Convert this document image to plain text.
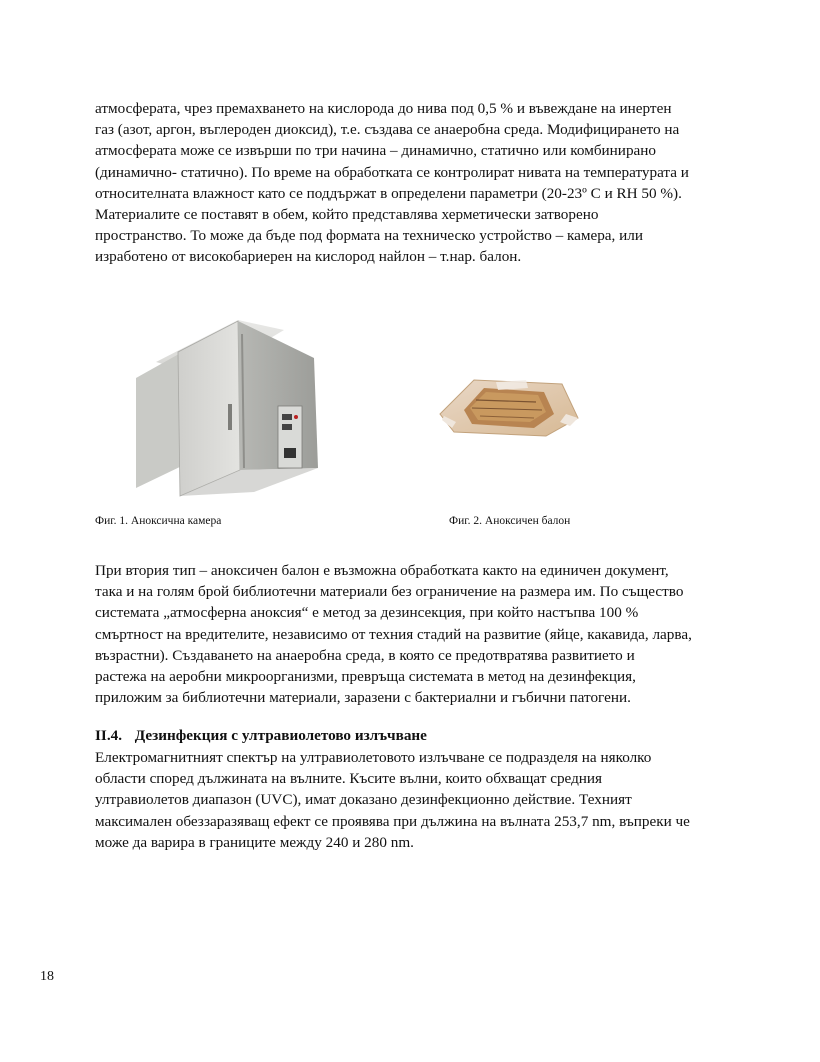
атмосферата, чрез премахването на кислорода до нива под 0,5 % и въвеждане на инертен
газ (азот, аргон, въглероден диоксид), т.е. създава се анаеробна среда. Модифицирането на
атмосферата може се извърши по три начина – динамично, статично или комбинирано
(динамично- статично). По време на обработката се контролират нивата на температурата и
относителната влажност като се поддържат в определени параметри (20-23º C и RH 50 %).
Материалите се поставят в обем, който представлява херметически затворено
пространство. То може да бъде под формата на техническо устройство – камера, или
изработено от високобариерен на кислород найлон – т.нар. балон.
Фиг. 1. Аноксична камера	Фиг. 2. Аноксичен балон
При втория тип – аноксичен балон е възможна обработката както на единичен документ,
така и на голям брой библиотечни материали без ограничение на размера им. По същество
системата „атмосферна аноксия“ е метод за дезинсекция, при който настъпва 100 %
смъртност на вредителите, независимо от техния стадий на развитие (яйце, какавида, ларва,
възрастни). Създаването на анаеробна среда, в която се предотвратява развитието и
растежа на аеробни микроорганизми, превръща системата в метод на дезинфекция,
приложим за библиотечни материали, заразени с бактериални и гъбични патогени.
II.4. Дезинфекция с ултравиолетово излъчване
Електромагнитният спектър на ултравиолетовото излъчване се подразделя на няколко
области според дължината на вълните. Късите вълни, които обхващат средния
ултравиолетов диапазон (UVC), имат доказано дезинфекционно действие. Техният
максимален обеззаразяващ ефект се проявява при дължина на вълната 253,7 nm, въпреки че
може да варира в границите между 240 и 280 nm.
18
